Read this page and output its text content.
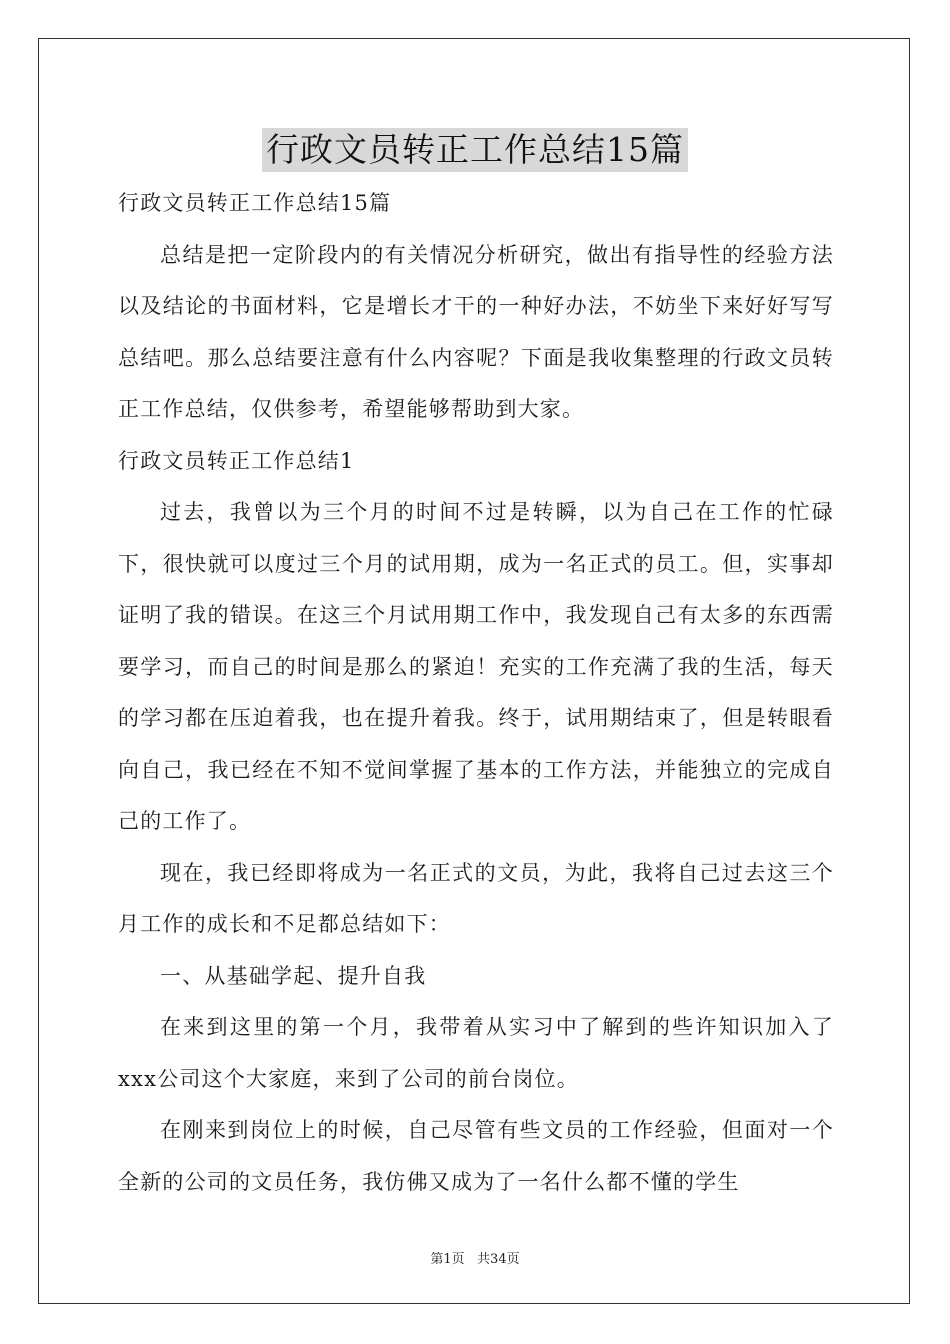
行政文员转正工作总结15篇

行政文员转正工作总结15篇

总结是把一定阶段内的有关情况分析研究，做出有指导性的经验方法以及结论的书面材料，它是增长才干的一种好办法，不妨坐下来好好写写总结吧。那么总结要注意有什么内容呢？下面是我收集整理的行政文员转正工作总结，仅供参考，希望能够帮助到大家。

行政文员转正工作总结1

过去，我曾以为三个月的时间不过是转瞬，以为自己在工作的忙碌下，很快就可以度过三个月的试用期，成为一名正式的员工。但，实事却证明了我的错误。在这三个月试用期工作中，我发现自己有太多的东西需要学习，而自己的时间是那么的紧迫！充实的工作充满了我的生活，每天的学习都在压迫着我，也在提升着我。终于，试用期结束了，但是转眼看向自己，我已经在不知不觉间掌握了基本的工作方法，并能独立的完成自己的工作了。

现在，我已经即将成为一名正式的文员，为此，我将自己过去这三个月工作的成长和不足都总结如下：

一、从基础学起、提升自我

在来到这里的第一个月，我带着从实习中了解到的些许知识加入了xxx公司这个大家庭，来到了公司的前台岗位。

在刚来到岗位上的时候，自己尽管有些文员的工作经验，但面对一个全新的公司的文员任务，我仿佛又成为了一名什么都不懂的学生

第1页   共34页
